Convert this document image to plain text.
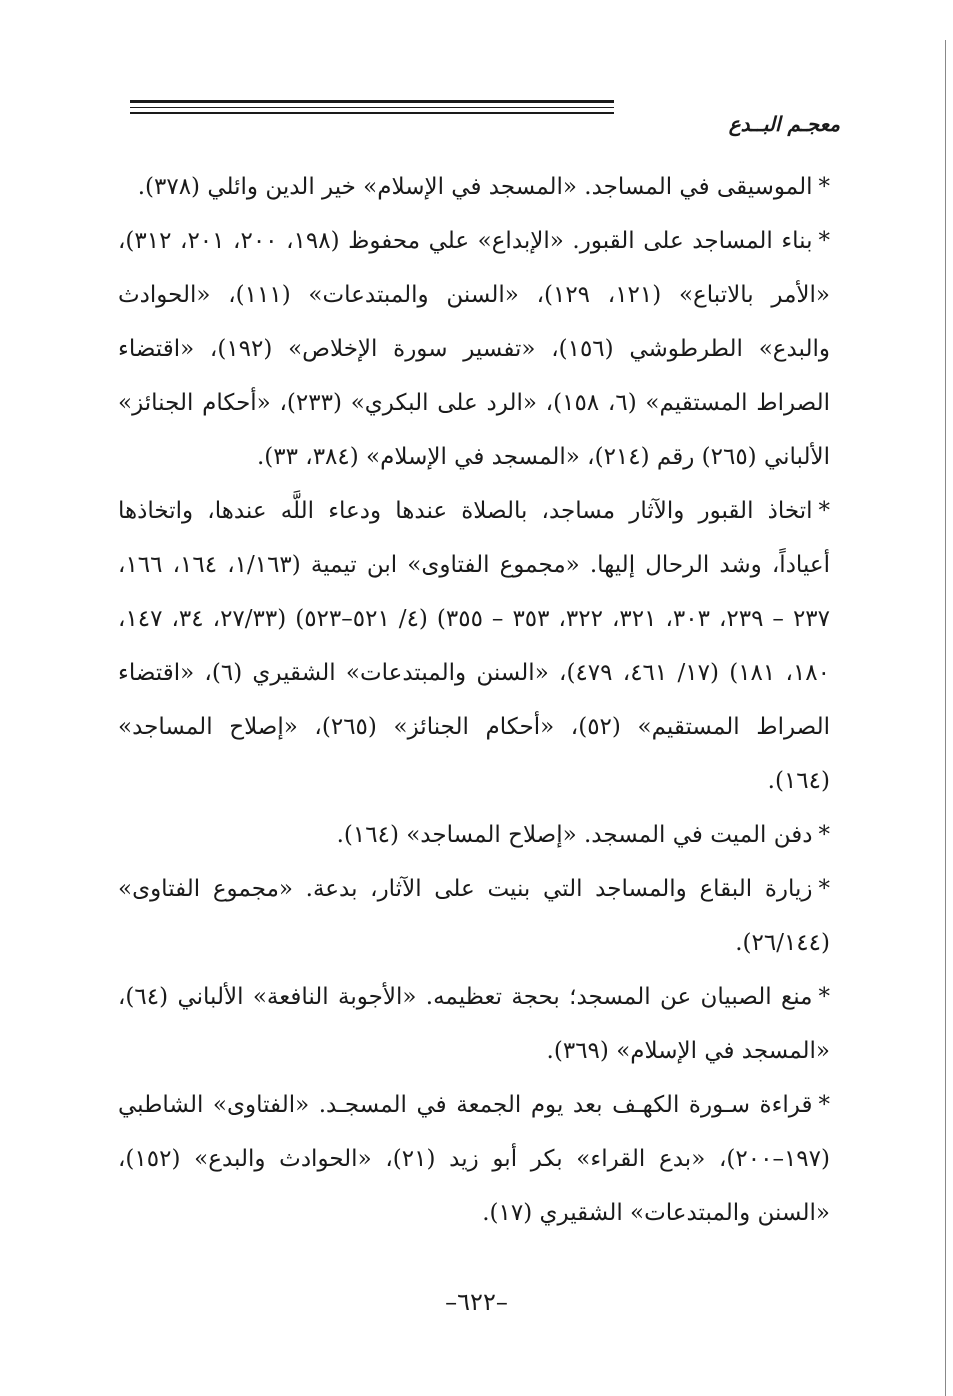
معجـم البــدع

*الموسيقى في المساجد. «المسجد في الإسلام» خير الدين وائلي (٣٧٨).

*بناء المساجد على القبور. «الإبداع» علي محفوظ (١٩٨، ٢٠٠، ٢٠١، ٣١٢)، «الأمر بالاتباع» (١٢١، ١٢٩)، «السنن والمبتدعات» (١١١)، «الحوادث والبدع» الطرطوشي (١٥٦)، «تفسير سورة الإخلاص» (١٩٢)، «اقتضاء الصراط المستقيم» (٦، ١٥٨)، «الرد على البكري» (٢٣٣)، «أحكام الجنائز» الألباني (٢٦٥) رقم (٢١٤)، «المسجد في الإسلام» (٣٨٤، ٣٣).

*اتخاذ القبور والآثار مساجد، بالصلاة عندها ودعاء اللَّه عندها، واتخاذها أعياداً، وشد الرحال إليها. «مجموع الفتاوى» ابن تيمية (١/١٦٣، ١٦٤، ١٦٦، ٢٣٧ – ٢٣٩، ٣٠٣، ٣٢١، ٣٢٢، ٣٥٣ – ٣٥٥) (٤/ ٥٢١–٥٢٣) (٢٧/٣٣، ٣٤، ١٤٧، ١٨٠، ١٨١) (١٧/ ٤٦١، ٤٧٩)، «السنن والمبتدعات» الشقيري (٦)، «اقتضاء الصراط المستقيم» (٥٢)، «أحكام الجنائز» (٢٦٥)، «إصلاح المساجد» (١٦٤).

*دفن الميت في المسجد. «إصلاح المساجد» (١٦٤).

*زيارة البقاع والمساجد التي بنيت على الآثار، بدعة. «مجموع الفتاوى» (٢٦/١٤٤).

*منع الصبيان عن المسجد؛ بحجة تعظيمه. «الأجوبة النافعة» الألباني (٦٤)، «المسجد في الإسلام» (٣٦٩).

*قراءة سـورة الكهـف بعد يوم الجمعة في المسجـد. «الفتاوى» الشاطبي (١٩٧–٢٠٠)، «بدع القراء» بكر أبو زيد (٢١)، «الحوادث والبدع» (١٥٢)، «السنن والمبتدعات» الشقيري (١٧).

–٦٢٢–
